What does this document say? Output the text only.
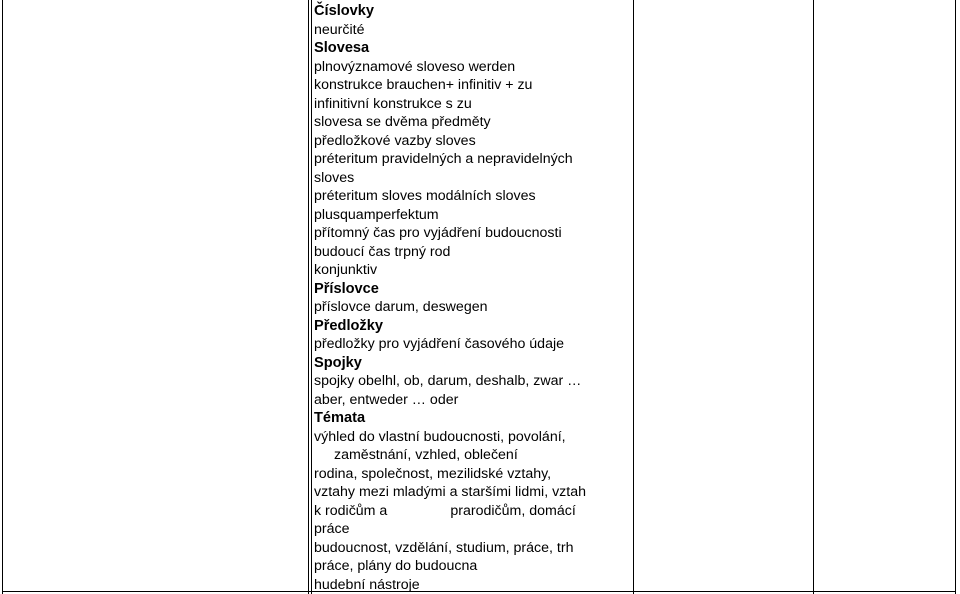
Číslovky
neurčité
Slovesa
plnovýznamové sloveso werden
konstrukce brauchen+ infinitiv + zu
infinitivní konstrukce s zu
slovesa se dvěma předměty
předložkové vazby sloves
préteritum pravidelných a nepravidelných
sloves
préteritum sloves modálních sloves
plusquamperfektum
přítomný čas pro vyjádření budoucnosti
budoucí čas trpný rod
konjunktiv
Příslovce
příslovce darum, deswegen
Předložky
předložky pro vyjádření časového údaje
Spojky
spojky obelhl, ob, darum, deshalb, zwar …
aber, entweder … oder
Témata
výhled do vlastní budoucnosti, povolání,
zaměstnání, vzhled, oblečení
rodina, společnost, mezilidské vztahy,
vztahy mezi mladými a staršími lidmi, vztah
k rodičům a                prarodičům, domácí
práce
budoucnost, vzdělání, studium, práce, trh
práce, plány do budoucna
hudební nástroje
